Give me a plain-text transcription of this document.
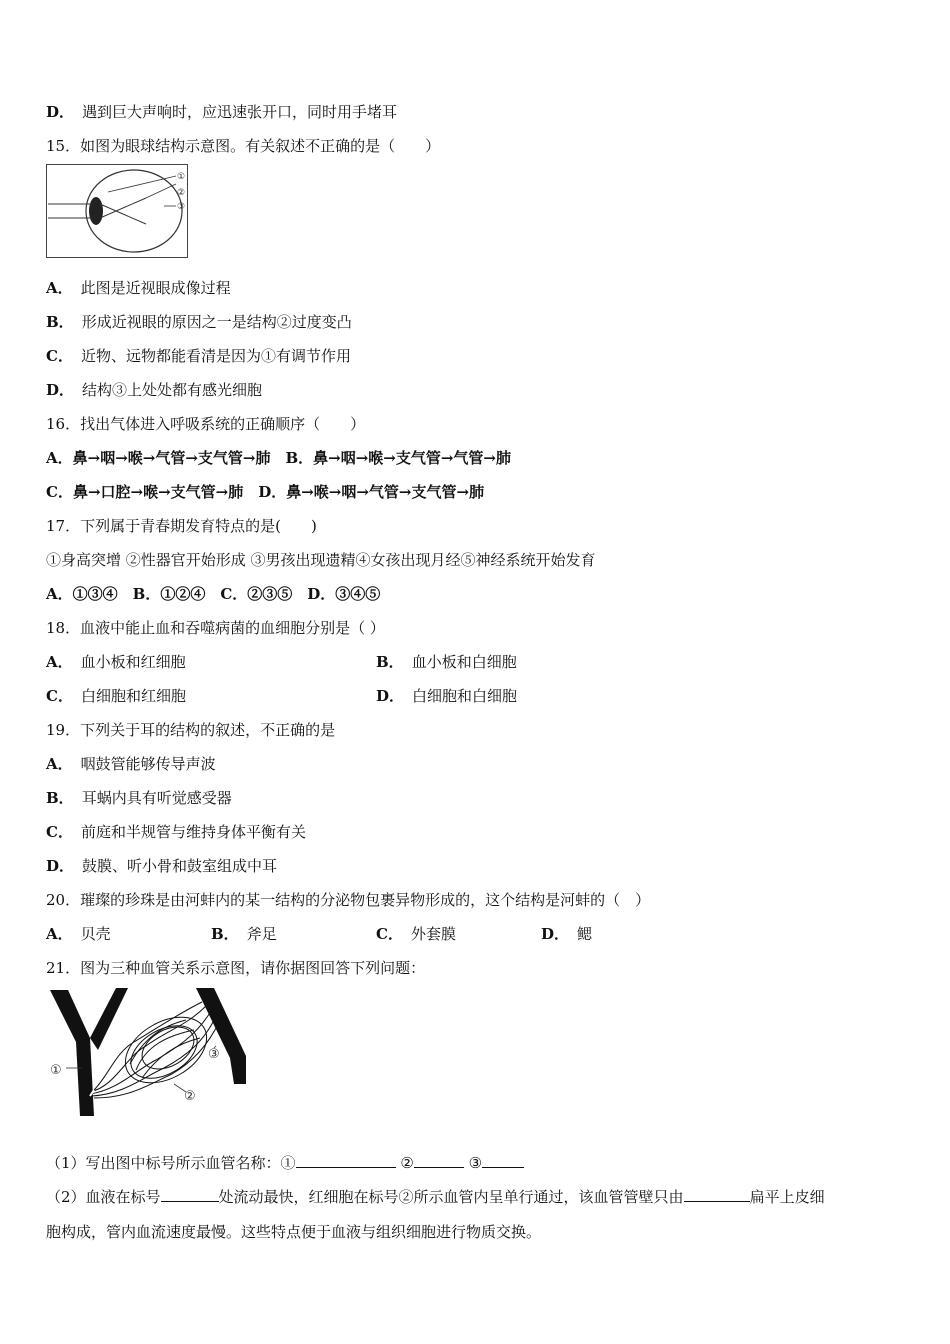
D． 遇到巨大声响时，应迅速张开口，同时用手堵耳
15．如图为眼球结构示意图。有关叙述不正确的是（　　）
①
②
③
A． 此图是近视眼成像过程
B． 形成近视眼的原因之一是结构②过度变凸
C． 近物、远物都能看清是因为①有调节作用
D． 结构③上处处都有感光细胞
16．找出气体进入呼吸系统的正确顺序（　　）
A．鼻→咽→喉→气管→支气管→肺　B．鼻→咽→喉→支气管→气管→肺
C．鼻→口腔→喉→支气管→肺　D．鼻→喉→咽→气管→支气管→肺
17．下列属于青春期发育特点的是(　　)
①身高突增 ②性器官开始形成 ③男孩出现遗精④女孩出现月经⑤神经系统开始发育
A．①③④　B．①②④　C．②③⑤　D．③④⑤
18．血液中能止血和吞噬病菌的血细胞分别是（ ）
A． 血小板和红细胞	B． 血小板和白细胞
C． 白细胞和红细胞	D． 白细胞和白细胞
19．下列关于耳的结构的叙述，不正确的是
A． 咽鼓管能够传导声波
B． 耳蜗内具有听觉感受器
C． 前庭和半规管与维持身体平衡有关
D． 鼓膜、听小骨和鼓室组成中耳
20．璀璨的珍珠是由河蚌内的某一结构的分泌物包裹异物形成的，这个结构是河蚌的（　）
A． 贝壳	B． 斧足	C． 外套膜	D． 鳃
21．图为三种血管关系示意图，请你据图回答下列问题：
①
②
③
（1）写出图中标号所示血管名称：①	②	③
（2）血液在标号	处流动最快，红细胞在标号②所示血管内呈单行通过，该血管管壁只由	扁平上皮细
胞构成，管内血流速度最慢。这些特点便于血液与组织细胞进行物质交换。
